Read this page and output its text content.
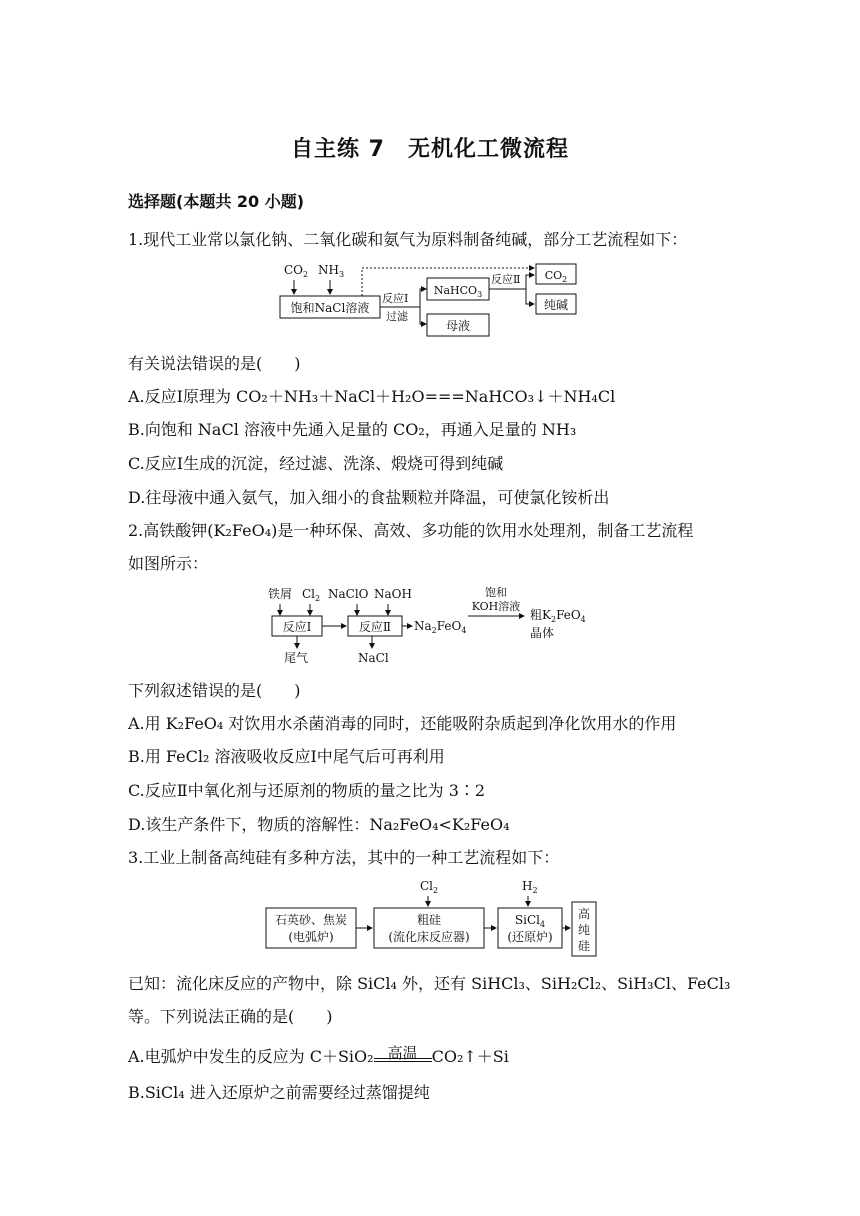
自主练 7　无机化工微流程
选择题(本题共 20 小题)
1.现代工业常以氯化钠、二氧化碳和氨气为原料制备纯碱，部分工艺流程如下：
$CO_2$ $NH_3$
饱和NaCl溶液
反应Ⅰ
过滤
NaHCO$_3$
母液
反应Ⅱ $CO_2$
纯碱
有关说法错误的是(　　)
A.反应Ⅰ原理为 CO₂＋NH₃＋NaCl＋H₂O===NaHCO₃↓＋NH₄Cl
B.向饱和 NaCl 溶液中先通入足量的 CO₂，再通入足量的 NH₃
C.反应Ⅰ生成的沉淀，经过滤、洗涤、煅烧可得到纯碱
D.往母液中通入氨气，加入细小的食盐颗粒并降温，可使氯化铵析出
2.高铁酸钾(K₂FeO₄)是一种环保、高效、多功能的饮用水处理剂，制备工艺流程
如图所示：
铁屑 $Cl_2$ NaClO NaOH
反应Ⅰ	反应Ⅱ
尾气	NaCl
$Na_2FeO_4$
饱和
KOH溶液
粗$K_2FeO_4$
晶体
下列叙述错误的是(　　)
A.用 K₂FeO₄ 对饮用水杀菌消毒的同时，还能吸附杂质起到净化饮用水的作用
B.用 FeCl₂ 溶液吸收反应Ⅰ中尾气后可再利用
C.反应Ⅱ中氧化剂与还原剂的物质的量之比为 3∶2
D.该生产条件下，物质的溶解性：Na₂FeO₄<K₂FeO₄
3.工业上制备高纯硅有多种方法，其中的一种工艺流程如下：
$Cl_2$	$H_2$
石英砂、焦炭
(电弧炉)
粗硅
(流化床反应器)
SiCl$_4$
(还原炉)
高
纯
硅
已知：流化床反应的产物中，除 SiCl₄ 外，还有 SiHCl₃、SiH₂Cl₂、SiH₃Cl、FeCl₃
等。下列说法正确的是(　　)
A.电弧炉中发生的反应为 C＋SiO₂ 高温 CO₂↑＋Si
B.SiCl₄ 进入还原炉之前需要经过蒸馏提纯
